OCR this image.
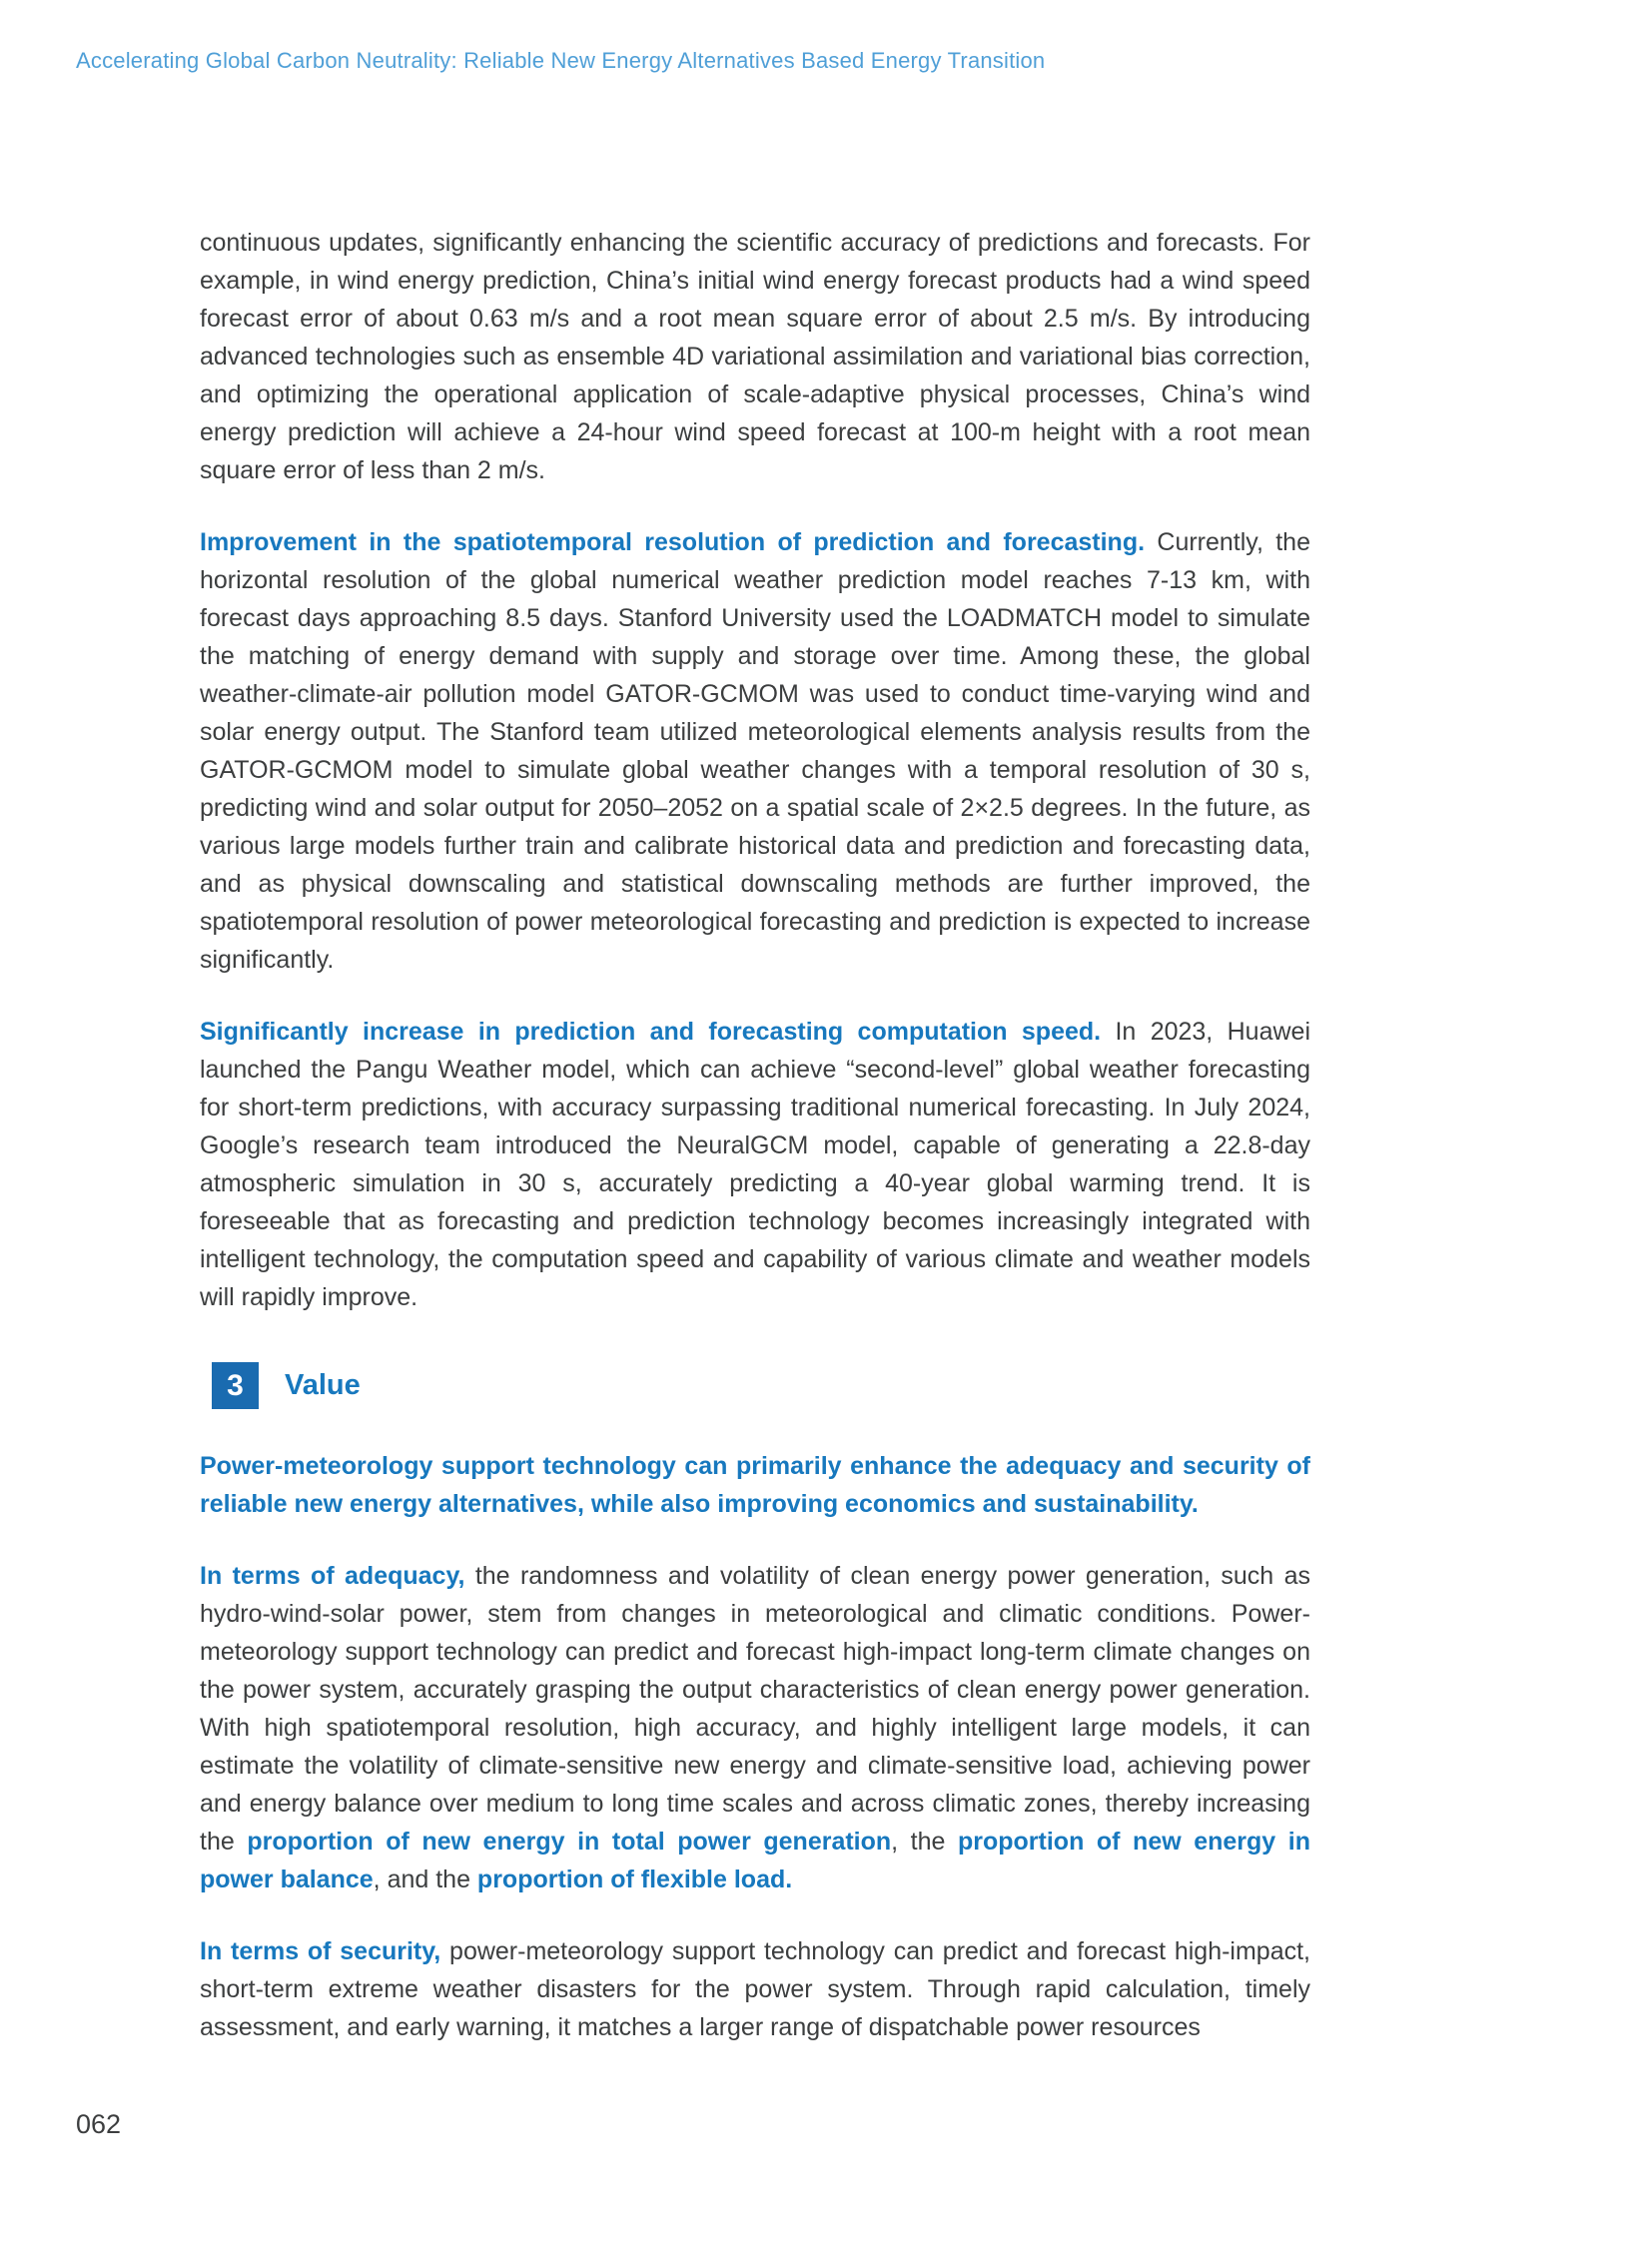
Accelerating Global Carbon Neutrality: Reliable New Energy Alternatives Based Energy Transition

continuous updates, significantly enhancing the scientific accuracy of predictions and forecasts. For example, in wind energy prediction, China’s initial wind energy forecast products had a wind speed forecast error of about 0.63 m/s and a root mean square error of about 2.5 m/s. By introducing advanced technologies such as ensemble 4D variational assimilation and variational bias correction, and optimizing the operational application of scale-adaptive physical processes, China’s wind energy prediction will achieve a 24-hour wind speed forecast at 100-m height with a root mean square error of less than 2 m/s.

Improvement in the spatiotemporal resolution of prediction and forecasting. Currently, the horizontal resolution of the global numerical weather prediction model reaches 7-13 km, with forecast days approaching 8.5 days. Stanford University used the LOADMATCH model to simulate the matching of energy demand with supply and storage over time. Among these, the global weather-climate-air pollution model GATOR-GCMOM was used to conduct time-varying wind and solar energy output. The Stanford team utilized meteorological elements analysis results from the GATOR-GCMOM model to simulate global weather changes with a temporal resolution of 30 s, predicting wind and solar output for 2050–2052 on a spatial scale of 2×2.5 degrees. In the future, as various large models further train and calibrate historical data and prediction and forecasting data, and as physical downscaling and statistical downscaling methods are further improved, the spatiotemporal resolution of power meteorological forecasting and prediction is expected to increase significantly.

Significantly increase in prediction and forecasting computation speed. In 2023, Huawei launched the Pangu Weather model, which can achieve “second-level” global weather forecasting for short-term predictions, with accuracy surpassing traditional numerical forecasting. In July 2024, Google’s research team introduced the NeuralGCM model, capable of generating a 22.8-day atmospheric simulation in 30 s, accurately predicting a 40-year global warming trend. It is foreseeable that as forecasting and prediction technology becomes increasingly integrated with intelligent technology, the computation speed and capability of various climate and weather models will rapidly improve.

3	Value

Power-meteorology support technology can primarily enhance the adequacy and security of reliable new energy alternatives, while also improving economics and sustainability.

In terms of adequacy, the randomness and volatility of clean energy power generation, such as hydro-wind-solar power, stem from changes in meteorological and climatic conditions. Power-meteorology support technology can predict and forecast high-impact long-term climate changes on the power system, accurately grasping the output characteristics of clean energy power generation. With high spatiotemporal resolution, high accuracy, and highly intelligent large models, it can estimate the volatility of climate-sensitive new energy and climate-sensitive load, achieving power and energy balance over medium to long time scales and across climatic zones, thereby increasing the proportion of new energy in total power generation, the proportion of new energy in power balance, and the proportion of flexible load.

In terms of security, power-meteorology support technology can predict and forecast high-impact, short-term extreme weather disasters for the power system. Through rapid calculation, timely assessment, and early warning, it matches a larger range of dispatchable power resources

062
